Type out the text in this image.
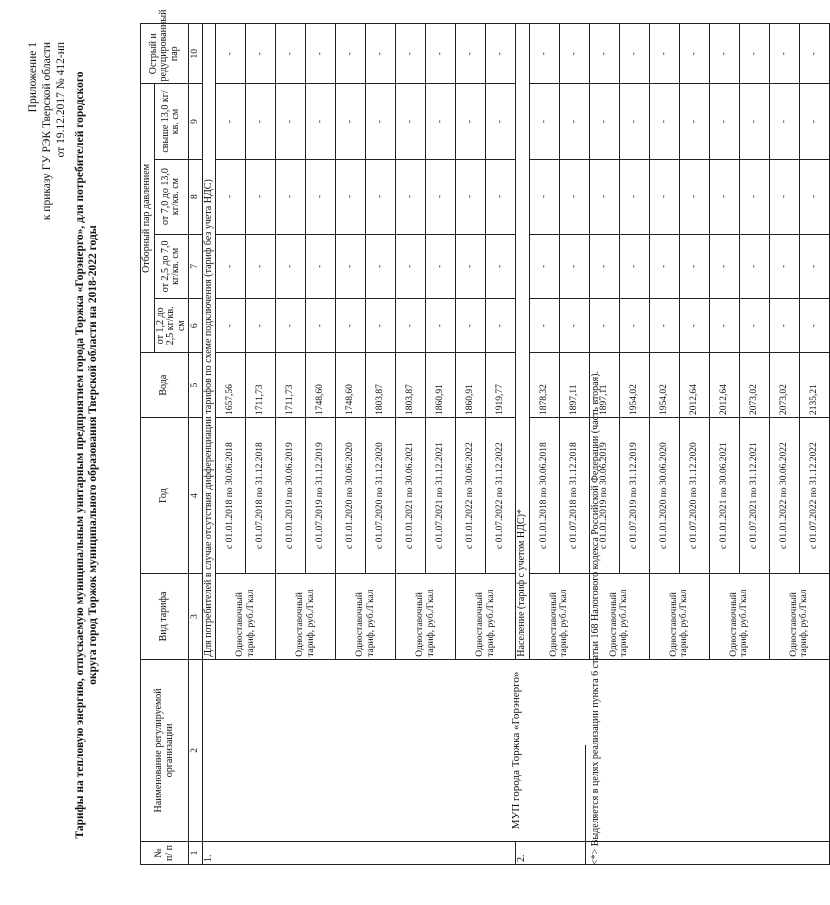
Приложение 1 к приказу ГУ РЭК Тверской области от 19.12.2017 № 412-нп Тарифы на тепловую энергию, отпускаемую муниципальным унитарным предприятием города Торжка «Горэнерго», для потребителей городского округа город Торжок муниципального образования Тверской области на 2018-2022 годы
№ п/ п	Наименование регулируемой организации	Вид тарифа	Год	Вода	Отборный пар давлением				Острый и редуцированный пар
					от 1,2 до 2,5 кг/кв. см	от 2,5 до 7,0 кг/кв. см	от 7,0 до 13,0 кг/кв. см	свыше 13,0 кг/кв. см	
1	2	3	4	5	6	7	8	9	10
1.	МУП города Торжка «Горэнерго»	Для потребителей в случае отсутствия дифференциации тарифов по схеме подключения (тариф без учета НДС)							
		Одноставочный тариф, руб./Гкал	с 01.01.2018 по 30.06.2018	1657,56	-	-	-	-	-
			с 01.07.2018 по 31.12.2018	1711,73	-	-	-	-	-
		Одноставочный тариф, руб./Гкал	с 01.01.2019 по 30.06.2019	1711,73	-	-	-	-	-
			с 01.07.2019 по 31.12.2019	1748,60	-	-	-	-	-
		Одноставочный тариф, руб./Гкал	с 01.01.2020 по 30.06.2020	1748,60	-	-	-	-	-
			с 01.07.2020 по 31.12.2020	1803,87	-	-	-	-	-
		Одноставочный тариф, руб./Гкал	с 01.01.2021 по 30.06.2021	1803,87	-	-	-	-	-
			с 01.07.2021 по 31.12.2021	1860,91	-	-	-	-	-
		Одноставочный тариф, руб./Гкал	с 01.01.2022 по 30.06.2022	1860,91	-	-	-	-	-
			с 01.07.2022 по 31.12.2022	1919,77	-	-	-	-	-
2.		Население (тариф с учетом НДС)*							
		Одноставочный тариф, руб./Гкал	с 01.01.2018 по 30.06.2018	1878,32	-	-	-	-	-
			с 01.07.2018 по 31.12.2018	1897,11	-	-	-	-	-
		Одноставочный тариф, руб./Гкал	с 01.01.2019 по 30.06.2019	1897,11	-	-	-	-	-
			с 01.07.2019 по 31.12.2019	1954,02	-	-	-	-	-
		Одноставочный тариф, руб./Гкал	с 01.01.2020 по 30.06.2020	1954,02	-	-	-	-	-
			с 01.07.2020 по 31.12.2020	2012,64	-	-	-	-	-
		Одноставочный тариф, руб./Гкал	с 01.01.2021 по 30.06.2021	2012,64	-	-	-	-	-
			с 01.07.2021 по 31.12.2021	2073,02	-	-	-	-	-
		Одноставочный тариф, руб./Гкал	с 01.01.2022 по 30.06.2022	2073,02	-	-	-	-	-
			с 01.07.2022 по 31.12.2022	2135,21	-	-	-	-	-
<*> Выделяется в целях реализации пункта 6 статьи 168 Налогового кодекса Российской Федерации (часть вторая).
